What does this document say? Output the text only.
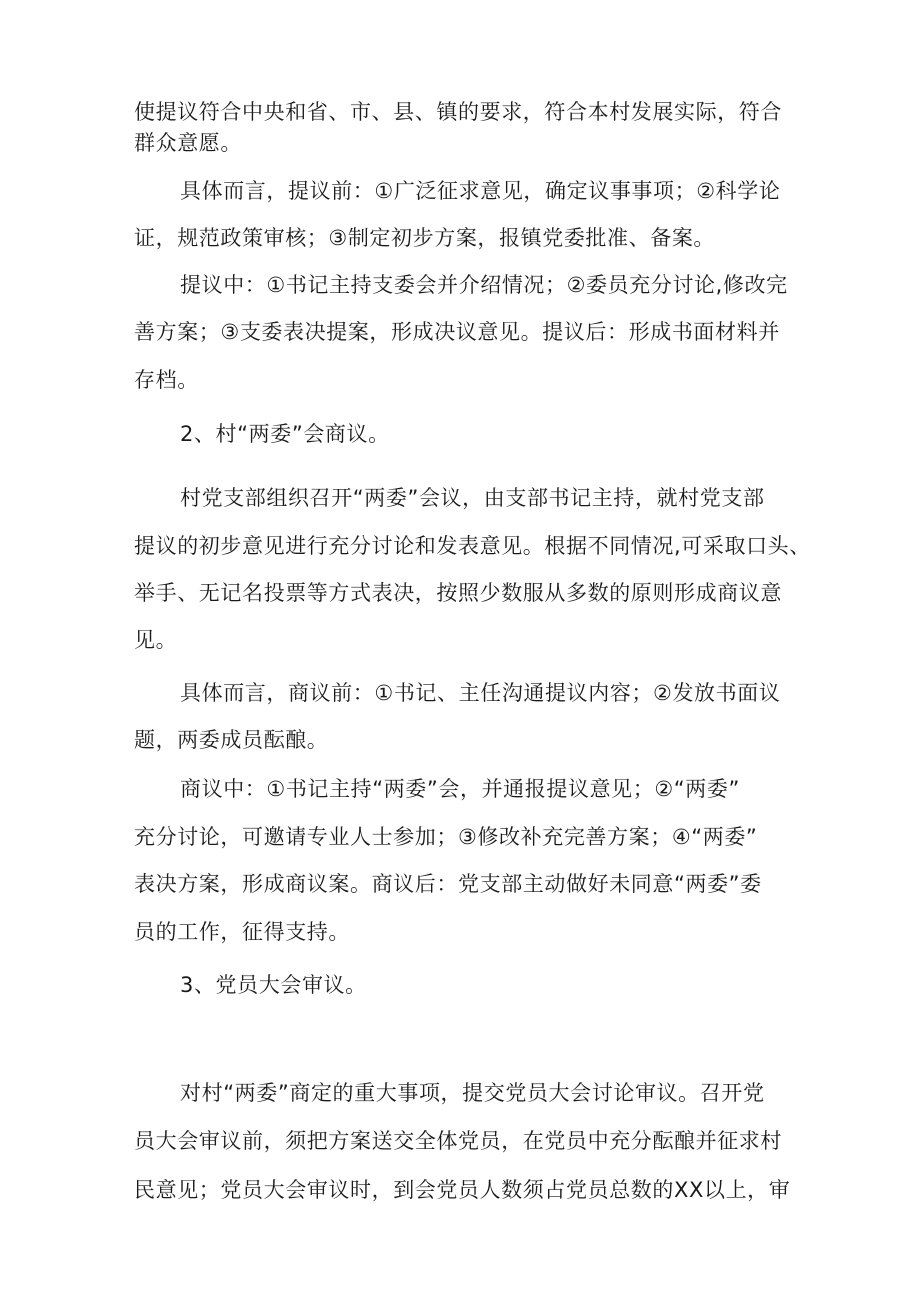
使提议符合中央和省、市、县、镇的要求，符合本村发展实际，符合
群众意愿。
具体而言，提议前：①广泛征求意见，确定议事事项；②科学论
证，规范政策审核；③制定初步方案，报镇党委批准、备案。
提议中：①书记主持支委会并介绍情况；②委员充分讨论,修改完
善方案；③支委表决提案，形成决议意见。提议后：形成书面材料并
存档。
2、村“两委”会商议。
村党支部组织召开“两委”会议，由支部书记主持，就村党支部
提议的初步意见进行充分讨论和发表意见。根据不同情况,可采取口头、
举手、无记名投票等方式表决，按照少数服从多数的原则形成商议意
见。
具体而言，商议前：①书记、主任沟通提议内容；②发放书面议
题，两委成员酝酿。
商议中：①书记主持“两委”会，并通报提议意见；②“两委”
充分讨论，可邀请专业人士参加；③修改补充完善方案；④“两委”
表决方案，形成商议案。商议后：党支部主动做好未同意“两委”委
员的工作，征得支持。
3、党员大会审议。
对村“两委”商定的重大事项，提交党员大会讨论审议。召开党
员大会审议前，须把方案送交全体党员，在党员中充分酝酿并征求村
民意见；党员大会审议时，到会党员人数须占党员总数的XX以上，审
